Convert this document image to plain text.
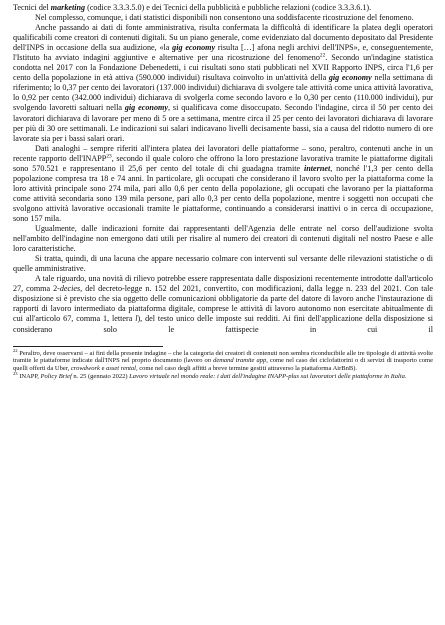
Tecnici del marketing (codice 3.3.3.5.0) e dei Tecnici della pubblicità e pubbliche relazioni (codice 3.3.3.6.1).

Nel complesso, comunque, i dati statistici disponibili non consentono una soddisfacente ricostruzione del fenomeno.

Anche passando ai dati di fonte amministrativa, risulta confermata la difficoltà di identificare la platea degli operatori qualificabili come creatori di contenuti digitali. Su un piano generale, come evidenziato dal documento depositato dal Presidente dell'INPS in occasione della sua audizione, «la gig economy risulta […] afona negli archivi dell'INPS», e, conseguentemente, l'Istituto ha avviato indagini aggiuntive e alternative per una ricostruzione del fenomeno$^{22}$. Secondo un'indagine statistica condotta nel 2017 con la Fondazione Debenedetti, i cui risultati sono stati pubblicati nel XVII Rapporto INPS, circa l'1,6 per cento della popolazione in età attiva (590.000 individui) risultava coinvolto in un'attività della gig economy nella settimana di riferimento; lo 0,37 per cento dei lavoratori (137.000 individui) dichiarava di svolgere tale attività come unica attività lavorativa, lo 0,92 per cento (342.000 individui) dichiarava di svolgerla come secondo lavoro e lo 0,30 per cento (110.000 individui), pur svolgendo lavoretti saltuari nella gig economy, si qualificava come disoccupato. Secondo l'indagine, circa il 50 per cento dei lavoratori dichiarava di lavorare per meno di 5 ore a settimana, mentre circa il 25 per cento dei lavoratori dichiarava di lavorare per più di 30 ore settimanali. Le indicazioni sui salari indicavano livelli decisamente bassi, sia a causa del ridotto numero di ore lavorate sia per i bassi salari orari.

Dati analoghi – sempre riferiti all'intera platea dei lavoratori delle piattaforme – sono, peraltro, contenuti anche in un recente rapporto dell'INAPP$^{23}$, secondo il quale coloro che offrono la loro prestazione lavorativa tramite le piattaforme digitali sono 570.521 e rappresentano il 25,6 per cento del totale di chi guadagna tramite internet, nonché l'1,3 per cento della popolazione compresa tra 18 e 74 anni. In particolare, gli occupati che considerano il lavoro svolto per la piattaforma come la loro attività principale sono 274 mila, pari allo 0,6 per cento della popolazione, gli occupati che lavorano per la piattaforma come attività secondaria sono 139 mila persone, pari allo 0,3 per cento della popolazione, mentre i soggetti non occupati che svolgono attività lavorative occasionali tramite le piattaforme, continuando a considerarsi inattivi o in cerca di occupazione, sono 157 mila.

Ugualmente, dalle indicazioni fornite dai rappresentanti dell'Agenzia delle entrate nel corso dell'audizione svolta nell'ambito dell'indagine non emergono dati utili per risalire al numero dei creatori di contenuti digitali nel nostro Paese e alle loro caratteristiche.

Si tratta, quindi, di una lacuna che appare necessario colmare con interventi sul versante delle rilevazioni statistiche o di quelle amministrative.

A tale riguardo, una novità di rilievo potrebbe essere rappresentata dalle disposizioni recentemente introdotte dall'articolo 27, comma 2-decies, del decreto-legge n. 152 del 2021, convertito, con modificazioni, dalla legge n. 233 del 2021. Con tale disposizione si è previsto che sia oggetto delle comunicazioni obbligatorie da parte del datore di lavoro anche l'instaurazione di rapporti di lavoro intermediato da piattaforma digitale, comprese le attività di lavoro autonomo non esercitate abitualmente di cui all'articolo 67, comma 1, lettera l), del testo unico delle imposte sui redditi. Ai fini dell'applicazione della disposizione si considerano solo le fattispecie in cui il

$^{22}$ Peraltro, deve osservarsi – ai fini della presente indagine – che la categoria dei creatori di contenuti non sembra riconducibile alle tre tipologie di attività svolte tramite le piattaforme indicate dall'INPS nel proprio documento (lavoro on demand tramite app, come nel caso dei ciclofattorini o di servizi di trasporto come quelli offerti da Uber, crowdwork e asset rental, come nel caso degli affitti a breve termine gestiti attraverso la piattaforma AirBnB).

$^{23}$ INAPP, Policy Brief n. 25 (gennaio 2022) Lavoro virtuale nel mondo reale: i dati dell'indagine INAPP-plus sui lavoratori delle piattaforme in Italia.
